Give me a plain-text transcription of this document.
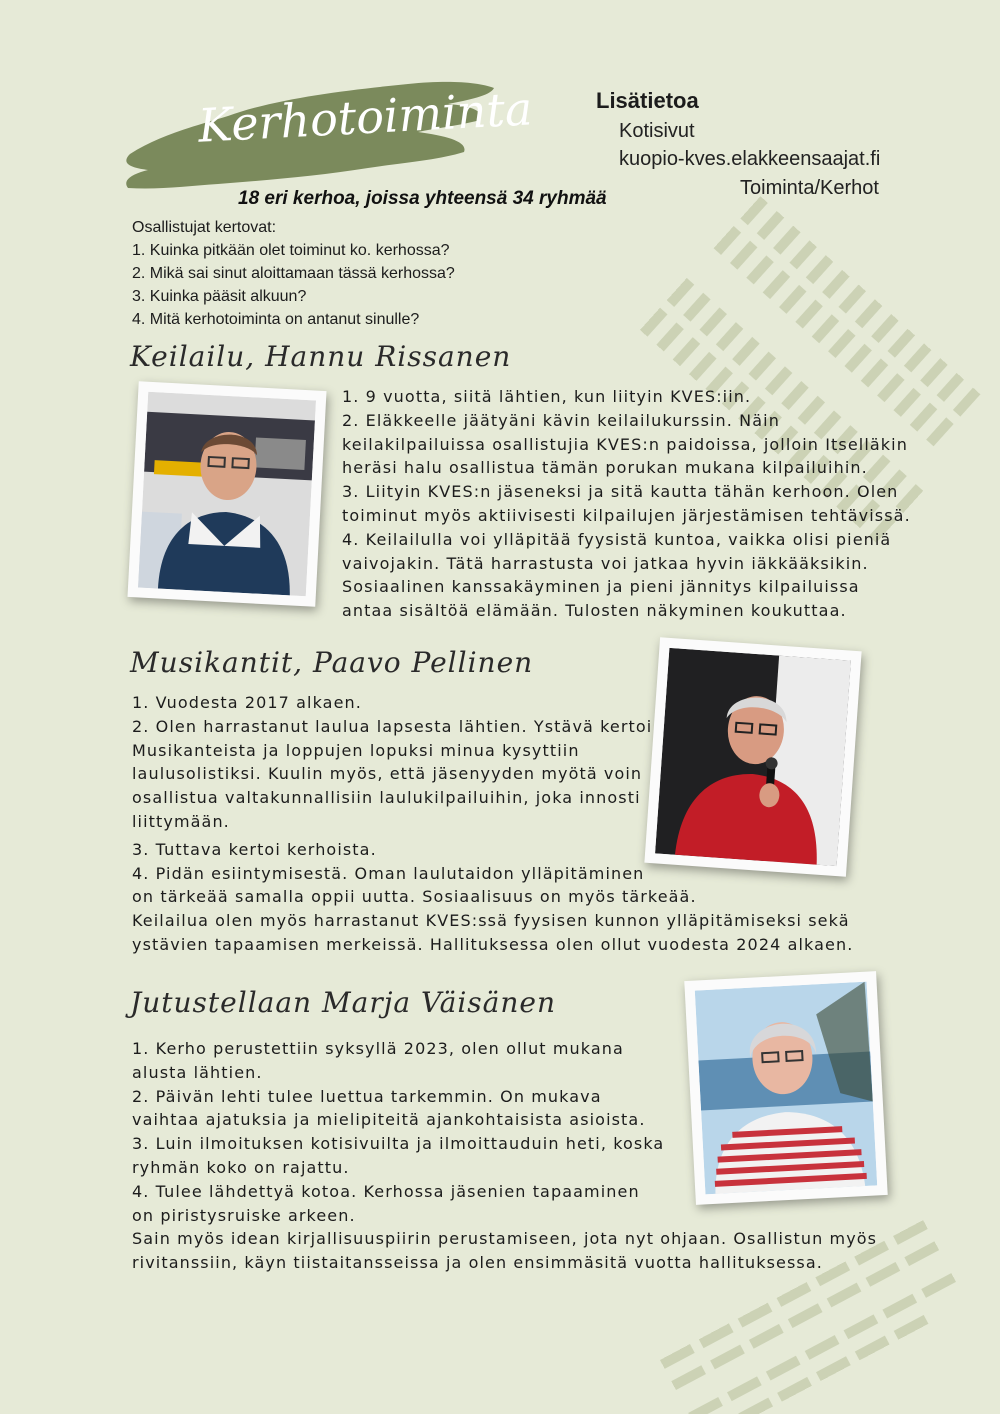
Kerhotoiminta
18 eri kerhoa, joissa yhteensä 34 ryhmää
Lisätietoa
Kotisivut
kuopio-kves.elakkeensaajat.fi
Toiminta/Kerhot
Osallistujat kertovat:
1. Kuinka pitkään olet toiminut ko. kerhossa?
2. Mikä sai sinut aloittamaan tässä kerhossa?
3. Kuinka pääsit alkuun?
4. Mitä kerhotoiminta on antanut sinulle?
Keilailu, Hannu Rissanen
1. 9 vuotta, siitä lähtien, kun liityin KVES:iin.
2. Eläkkeelle jäätyäni kävin keilailukurssin. Näin
keilakilpailuissa osallistujia KVES:n paidoissa, jolloin Itselläkin
heräsi halu osallistua tämän porukan mukana kilpailuihin.
3. Liityin KVES:n jäseneksi ja sitä kautta tähän kerhoon. Olen
toiminut myös aktiivisesti kilpailujen järjestämisen tehtävissä.
4. Keilailulla voi ylläpitää fyysistä kuntoa, vaikka olisi pieniä
vaivojakin. Tätä harrastusta voi jatkaa hyvin iäkkääksikin.
Sosiaalinen kanssakäyminen ja pieni jännitys kilpailuissa
antaa sisältöä elämään. Tulosten näkyminen koukuttaa.
Musikantit, Paavo Pellinen
1. Vuodesta 2017 alkaen.
2. Olen harrastanut laulua lapsesta lähtien. Ystävä kertoi
Musikanteista ja loppujen lopuksi minua kysyttiin
laulusolistiksi. Kuulin myös, että jäsenyyden myötä voin
osallistua valtakunnallisiin laulukilpailuihin, joka innosti
liittymään.
3. Tuttava kertoi kerhoista.
4. Pidän esiintymisestä. Oman laulutaidon ylläpitäminen
on tärkeää samalla oppii uutta. Sosiaalisuus on myös tärkeää.
Keilailua olen myös harrastanut KVES:ssä fyysisen kunnon ylläpitämiseksi sekä
ystävien tapaamisen merkeissä. Hallituksessa olen ollut vuodesta 2024 alkaen.
Jutustellaan Marja Väisänen
1. Kerho perustettiin syksyllä 2023, olen ollut mukana
alusta lähtien.
2. Päivän lehti tulee luettua tarkemmin. On mukava
vaihtaa ajatuksia ja mielipiteitä ajankohtaisista asioista.
3. Luin ilmoituksen kotisivuilta ja ilmoittauduin heti, koska
ryhmän koko on rajattu.
4. Tulee lähdettyä kotoa. Kerhossa jäsenien tapaaminen
on piristysruiske arkeen.
Sain myös idean kirjallisuuspiirin perustamiseen, jota nyt ohjaan. Osallistun myös
rivitanssiin, käyn tiistaitansseissa ja olen ensimmäsitä vuotta hallituksessa.
